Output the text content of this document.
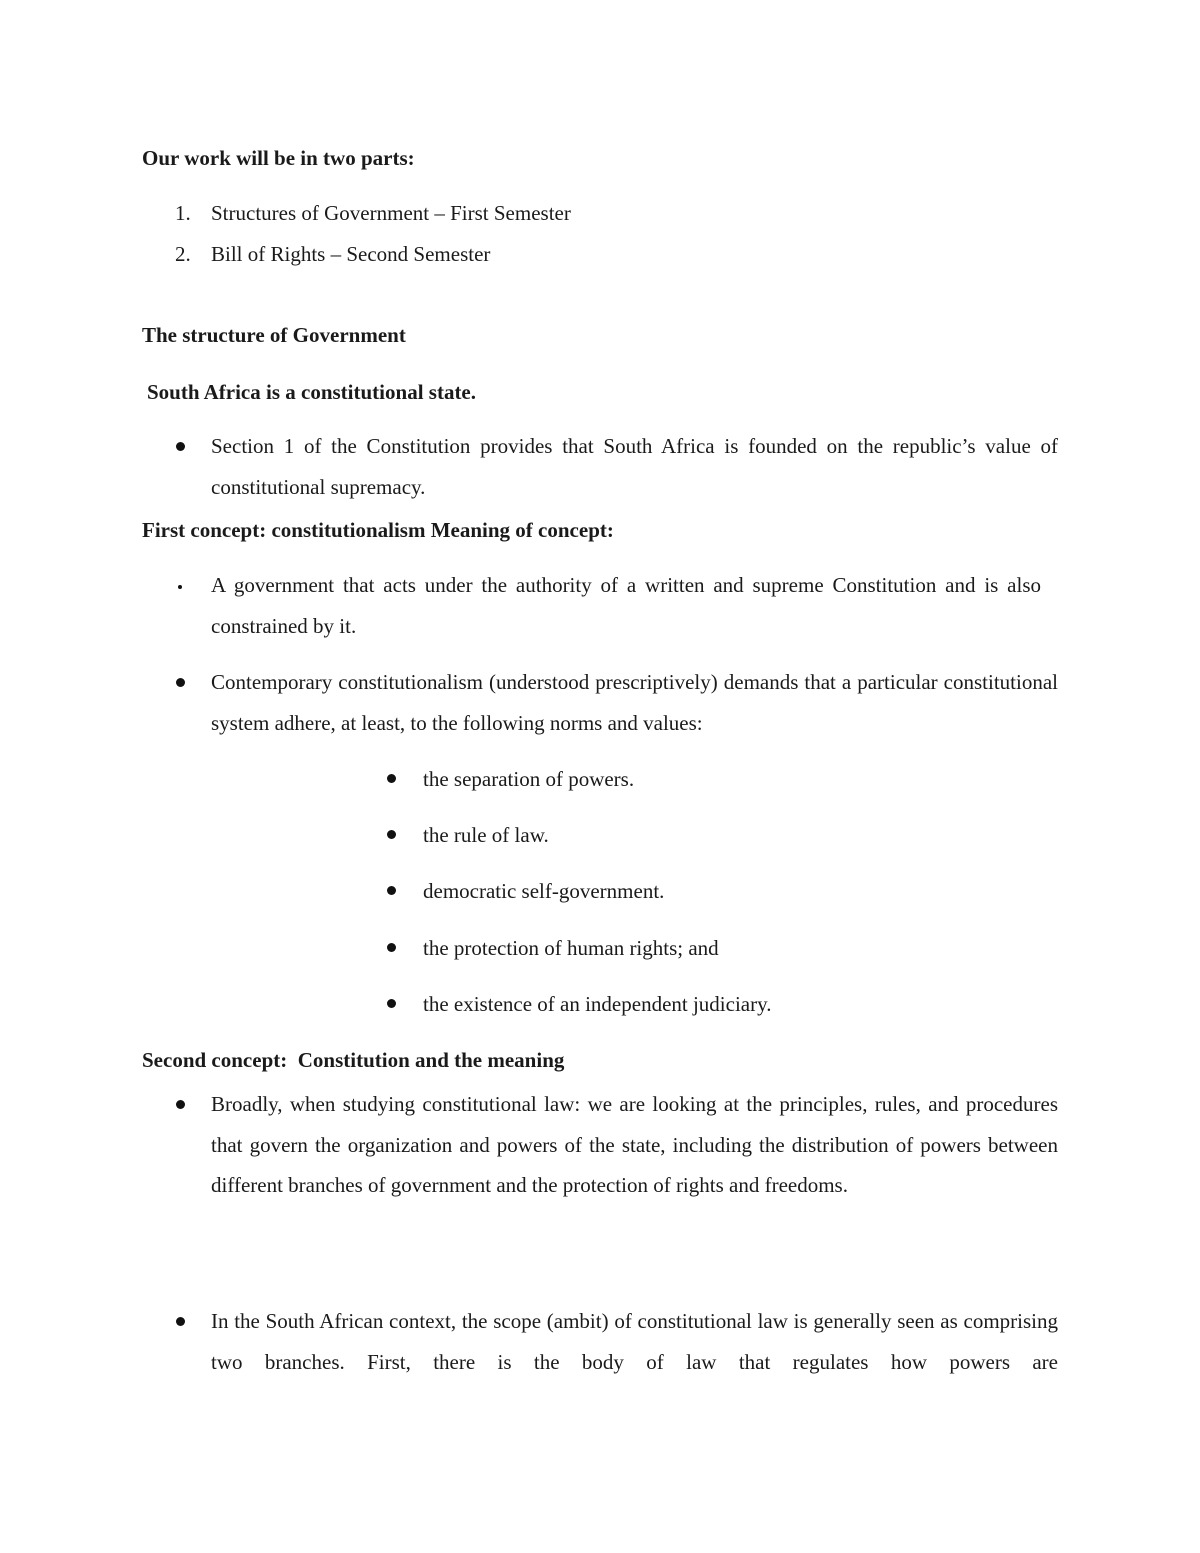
Our work will be in two parts:
1. Structures of Government – First Semester
2. Bill of Rights – Second Semester
The structure of Government
South Africa is a constitutional state.
Section 1 of the Constitution provides that South Africa is founded on the republic’s value of constitutional supremacy.
First concept: constitutionalism Meaning of concept:
A government that acts under the authority of a written and supreme Constitution and is also constrained by it.
Contemporary constitutionalism (understood prescriptively) demands that a particular constitutional system adhere, at least, to the following norms and values:
the separation of powers.
the rule of law.
democratic self-government.
the protection of human rights; and
the existence of an independent judiciary.
Second concept:  Constitution and the meaning
Broadly, when studying constitutional law: we are looking at the principles, rules, and procedures that govern the organization and powers of the state, including the distribution of powers between different branches of government and the protection of rights and freedoms.
In the South African context, the scope (ambit) of constitutional law is generally seen as comprising two branches. First, there is the body of law that regulates how powers are
